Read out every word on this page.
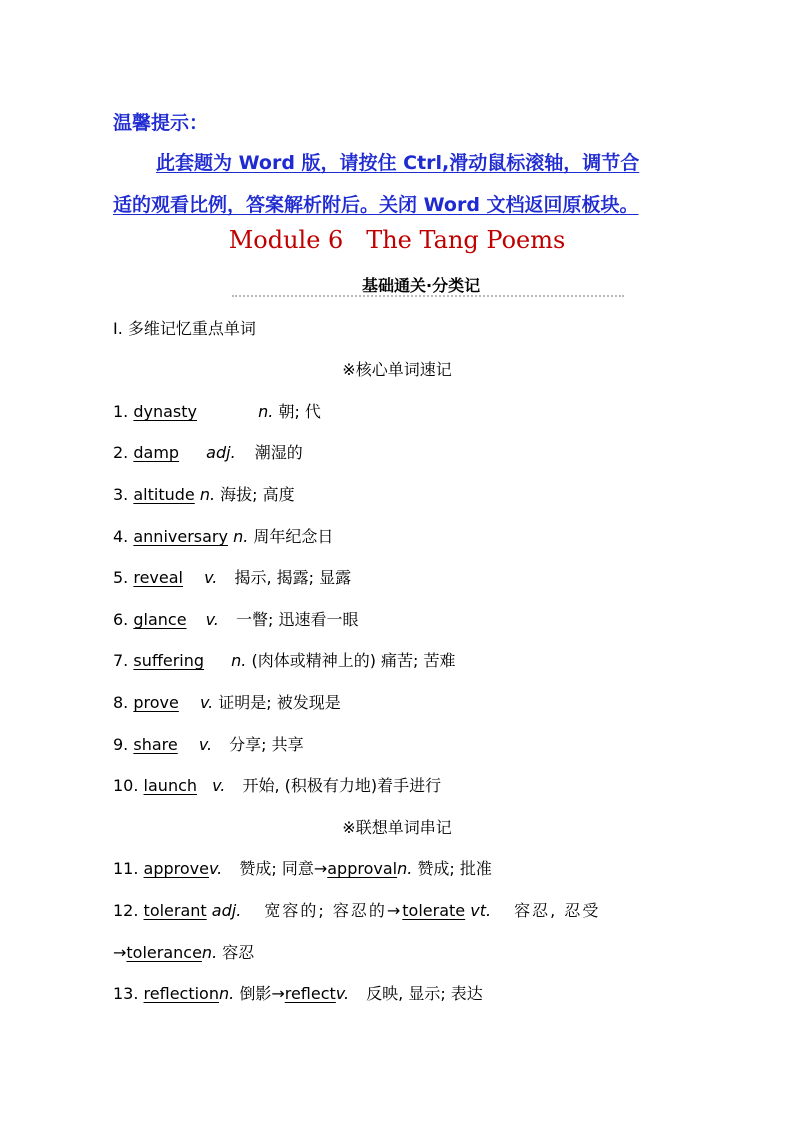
温馨提示：
此套题为 Word 版，请按住 Ctrl,滑动鼠标滚轴，调节合
适的观看比例，答案解析附后。关闭 Word 文档返回原板块。
Module 6   The Tang Poems
基础通关·分类记
Ⅰ. 多维记忆重点单词
※核心单词速记
1. dynasty	n. 朝; 代
2. damp adj. 潮湿的
3. altitude n. 海拔; 高度
4. anniversary n. 周年纪念日
5. reveal v. 揭示, 揭露; 显露
6. glance v. 一瞥; 迅速看一眼
7. suffering n. (肉体或精神上的) 痛苦; 苦难
8. prove v. 证明是; 被发现是
9. share v. 分享; 共享
10. launch v. 开始, (积极有力地)着手进行
※联想单词串记
11. approvev. 赞成; 同意→approvaln. 赞成; 批准
12. tolerant adj. 宽容的; 容忍的→tolerate vt. 容忍, 忍受
→tolerancen. 容忍
13. reflectionn. 倒影→reflectv. 反映, 显示; 表达
